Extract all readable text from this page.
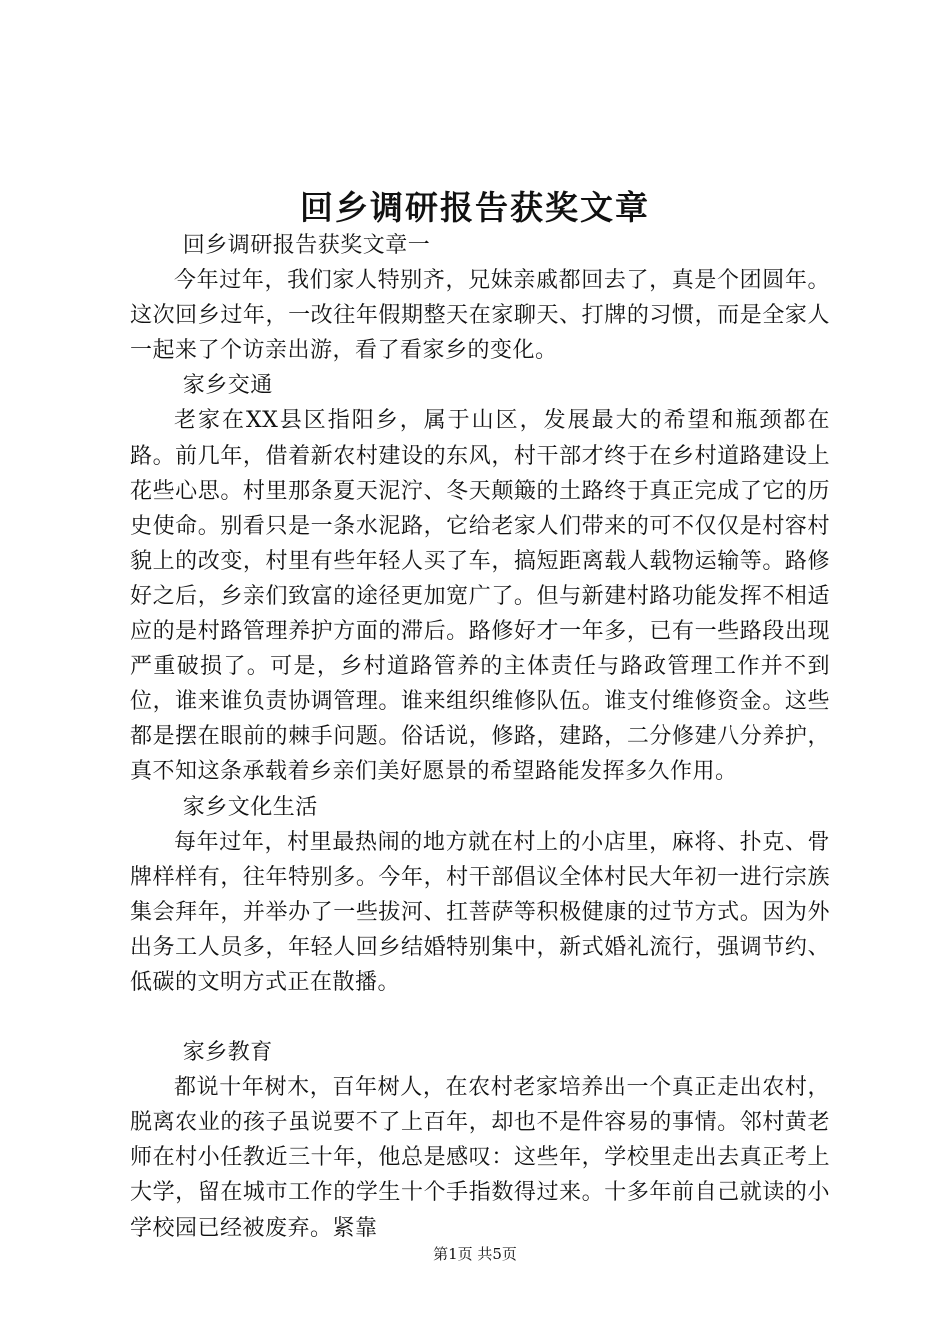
回乡调研报告获奖文章

回乡调研报告获奖文章一

今年过年，我们家人特别齐，兄妹亲戚都回去了，真是个团圆年。这次回乡过年，一改往年假期整天在家聊天、打牌的习惯，而是全家人一起来了个访亲出游，看了看家乡的变化。

家乡交通

老家在XX县区指阳乡，属于山区，发展最大的希望和瓶颈都在路。前几年，借着新农村建设的东风，村干部才终于在乡村道路建设上花些心思。村里那条夏天泥泞、冬天颠簸的土路终于真正完成了它的历史使命。别看只是一条水泥路，它给老家人们带来的可不仅仅是村容村貌上的改变，村里有些年轻人买了车，搞短距离载人载物运输等。路修好之后，乡亲们致富的途径更加宽广了。但与新建村路功能发挥不相适应的是村路管理养护方面的滞后。路修好才一年多，已有一些路段出现严重破损了。可是，乡村道路管养的主体责任与路政管理工作并不到位，谁来谁负责协调管理。谁来组织维修队伍。谁支付维修资金。这些都是摆在眼前的棘手问题。俗话说，修路，建路，二分修建八分养护，真不知这条承载着乡亲们美好愿景的希望路能发挥多久作用。

家乡文化生活

每年过年，村里最热闹的地方就在村上的小店里，麻将、扑克、骨牌样样有，往年特别多。今年，村干部倡议全体村民大年初一进行宗族集会拜年，并举办了一些拔河、扛菩萨等积极健康的过节方式。因为外出务工人员多，年轻人回乡结婚特别集中，新式婚礼流行，强调节约、低碳的文明方式正在散播。

家乡教育

都说十年树木，百年树人，在农村老家培养出一个真正走出农村，脱离农业的孩子虽说要不了上百年，却也不是件容易的事情。邻村黄老师在村小任教近三十年，他总是感叹：这些年，学校里走出去真正考上大学，留在城市工作的学生十个手指数得过来。十多年前自己就读的小学校园已经被废弃。紧靠

第1页 共5页
